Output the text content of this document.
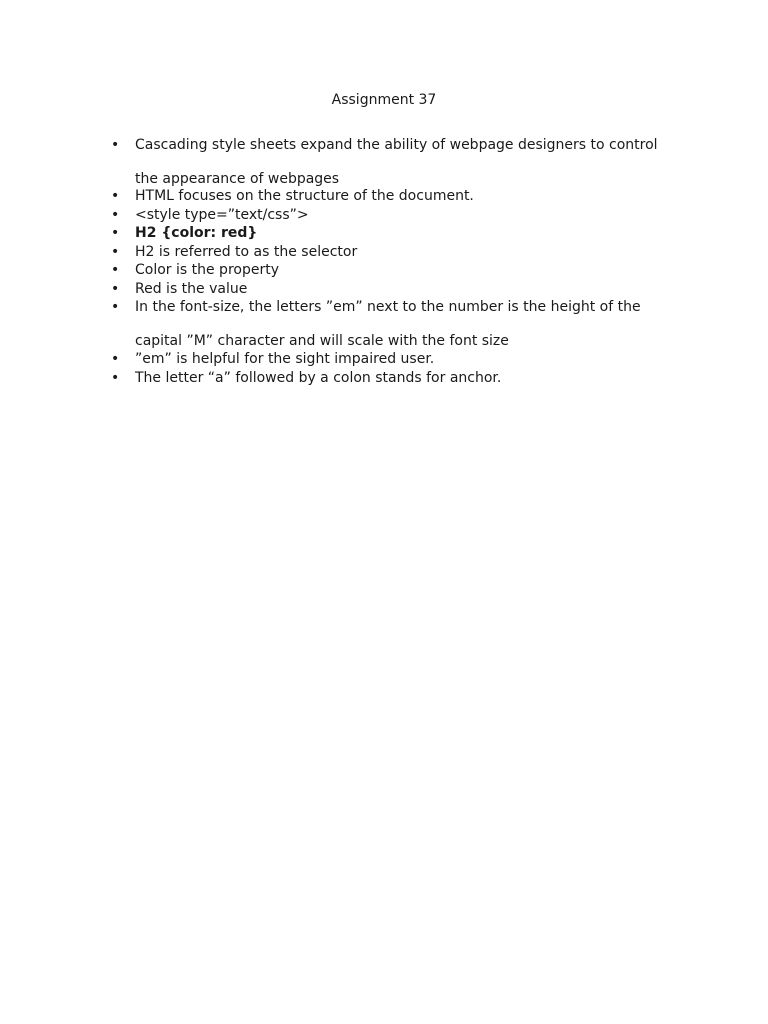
Assignment 37
• Cascading style sheets expand the ability of webpage designers to control
the appearance of webpages
• HTML focuses on the structure of the document.
• <style type=”text/css”>
• H2 {color: red}
• H2 is referred to as the selector
• Color is the property
• Red is the value
• In the font-size, the letters ”em” next to the number is the height of the
capital ”M” character and will scale with the font size
• ”em” is helpful for the sight impaired user.
• The letter “a” followed by a colon stands for anchor.
